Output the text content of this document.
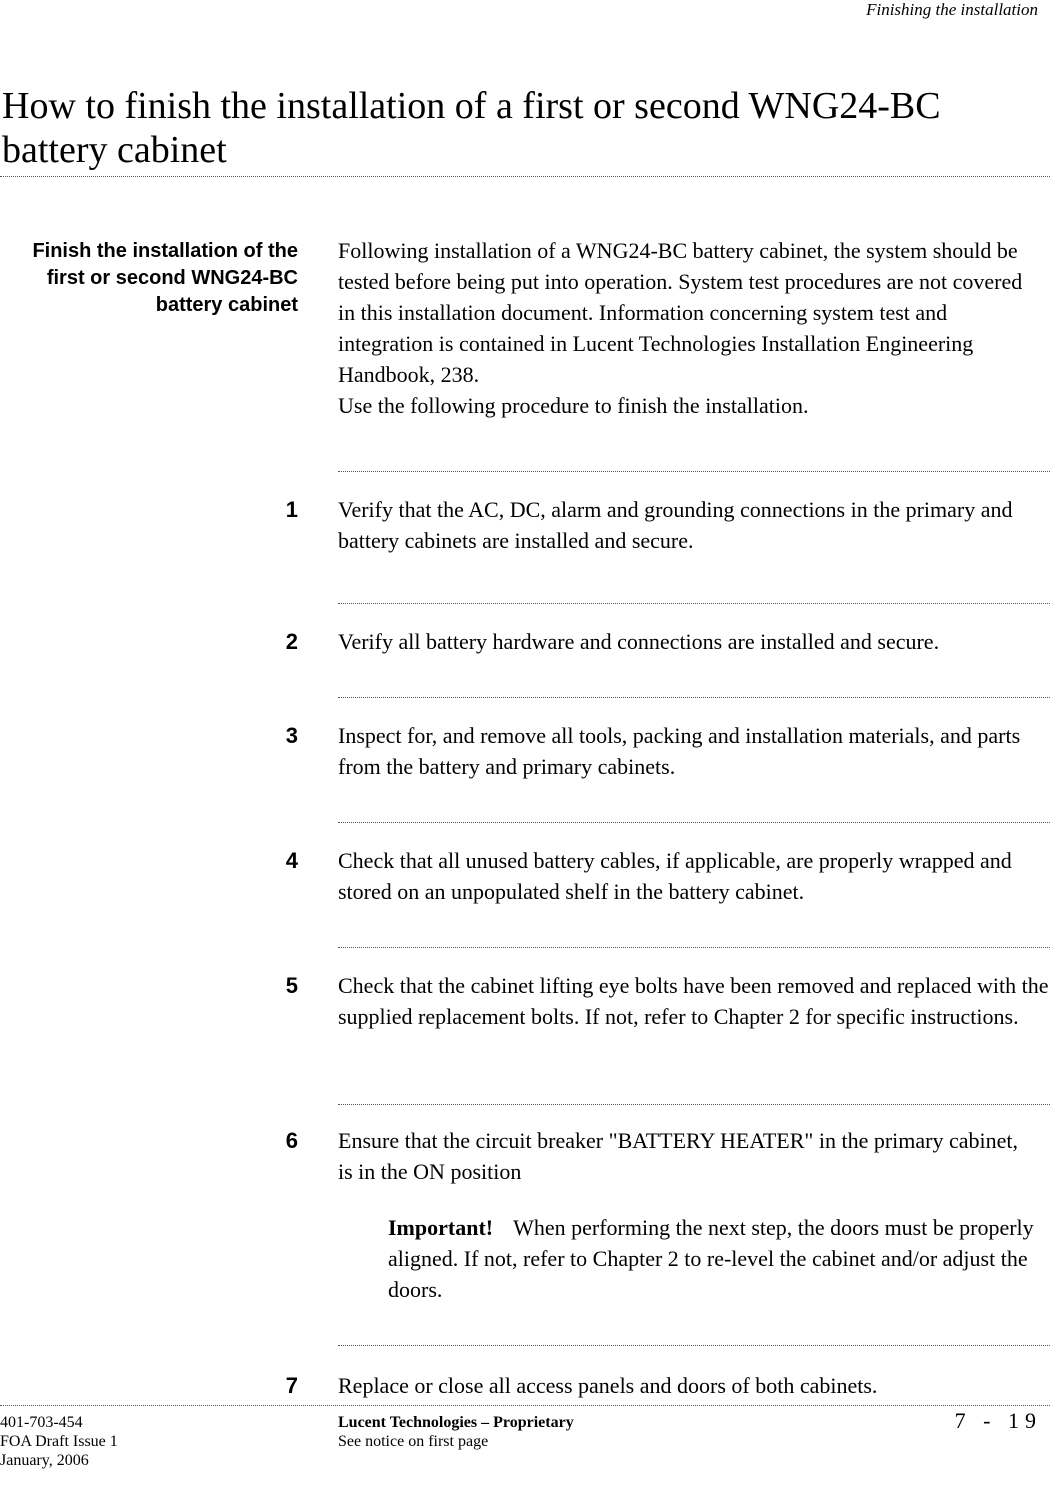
Finishing the installation
How to finish the installation of a first or second WNG24-BC battery cabinet
Finish the installation of the first or second WNG24-BC battery cabinet
Following installation of a WNG24-BC battery cabinet, the system should be tested before being put into operation. System test procedures are not covered in this installation document. Information concerning system test and integration is contained in Lucent Technologies Installation Engineering Handbook, 238.
Use the following procedure to finish the installation.
1 Verify that the AC, DC, alarm and grounding connections in the primary and battery cabinets are installed and secure.
2 Verify all battery hardware and connections are installed and secure.
3 Inspect for, and remove all tools, packing and installation materials, and parts from the battery and primary cabinets.
4 Check that all unused battery cables, if applicable, are properly wrapped and stored on an unpopulated shelf in the battery cabinet.
5 Check that the cabinet lifting eye bolts have been removed and replaced with the supplied replacement bolts. If not, refer to Chapter 2 for specific instructions.
6 Ensure that the circuit breaker "BATTERY HEATER" in the primary cabinet, is in the ON position
Important! When performing the next step, the doors must be properly aligned. If not, refer to Chapter 2 to re-level the cabinet and/or adjust the doors.
7 Replace or close all access panels and doors of both cabinets.
401-703-454
FOA Draft Issue 1
January, 2006
Lucent Technologies – Proprietary
See notice on first page
7 - 19
